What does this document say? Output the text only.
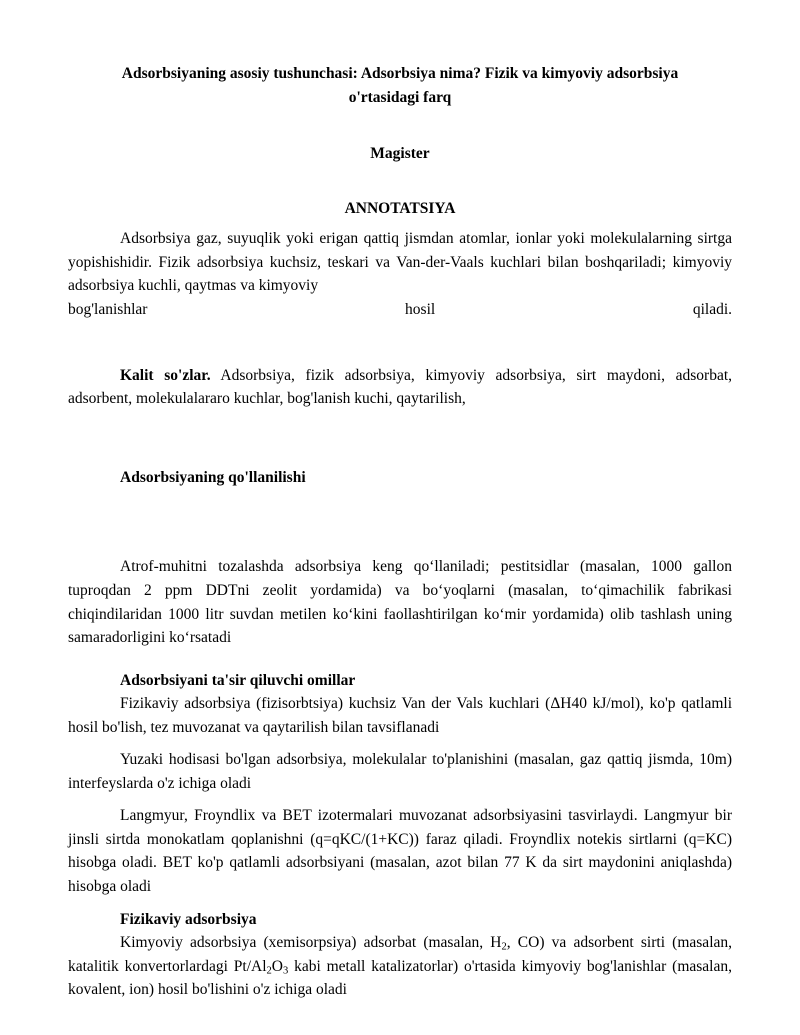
Adsorbsiyaning asosiy tushunchasi: Adsorbsiya nima? Fizik va kimyoviy adsorbsiya o'rtasidagi farq
Magister
ANNOTATSIYA

Adsorbsiya gaz, suyuqlik yoki erigan qattiq jismdan atomlar, ionlar yoki molekulalarning sirtga yopishishidir. Fizik adsorbsiya kuchsiz, teskari va Van-der-Vaals kuchlari bilan boshqariladi; kimyoviy adsorbsiya kuchli, qaytmas va kimyoviy

bog'lanishlar	hosil	qiladi.

Kalit so'zlar. Adsorbsiya, fizik adsorbsiya, kimyoviy adsorbsiya, sirt maydoni, adsorbat, adsorbent, molekulalararo kuchlar, bog'lanish kuchi, qaytarilish,

Adsorbsiyaning qo'llanilishi

Atrof-muhitni tozalashda adsorbsiya keng qo‘llaniladi; pestitsidlar (masalan, 1000 gallon tuproqdan 2 ppm DDTni zeolit yordamida) va bo‘yoqlarni (masalan, to‘qimachilik fabrikasi chiqindilaridan 1000 litr suvdan metilen ko‘kini faollashtirilgan ko‘mir yordamida) olib tashlash uning samaradorligini ko‘rsatadi

Adsorbsiyani ta'sir qiluvchi omillar

Fizikaviy adsorbsiya (fizisorbtsiya) kuchsiz Van der Vals kuchlari (ΔH40 kJ/mol), ko'p qatlamli hosil bo'lish, tez muvozanat va qaytarilish bilan tavsiflanadi

Yuzaki hodisasi bo'lgan adsorbsiya, molekulalar to'planishini (masalan, gaz qattiq jismda, 10m) interfeyslarda o'z ichiga oladi

Langmyur, Froyndlix va BET izotermalari muvozanat adsorbsiyasini tasvirlaydi. Langmyur bir jinsli sirtda monokatlam qoplanishni (q=qKC/(1+KC)) faraz qiladi. Froyndlix notekis sirtlarni (q=KC) hisobga oladi. BET ko'p qatlamli adsorbsiyani (masalan, azot bilan 77 K da sirt maydonini aniqlashda) hisobga oladi

Fizikaviy adsorbsiya

Kimyoviy adsorbsiya (xemisorpsiya) adsorbat (masalan, $H_2$, CO) va adsorbent sirti (masalan, katalitik konvertorlardagi $Pt/Al_2O_3$ kabi metall katalizatorlar) o'rtasida kimyoviy bog'lanishlar (masalan, kovalent, ion) hosil bo'lishini o'z ichiga oladi
